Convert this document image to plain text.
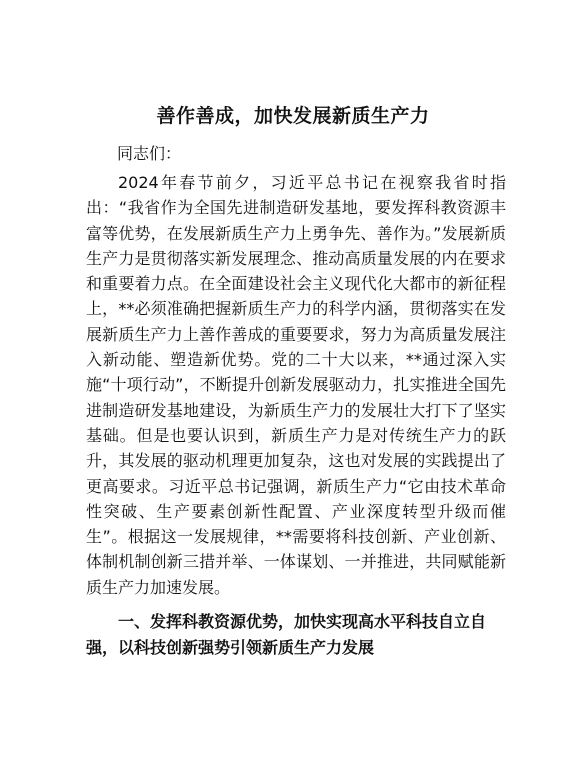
善作善成，加快发展新质生产力
同志们：

2024年春节前夕，习近平总书记在视察我省时指出：“我省作为全国先进制造研发基地，要发挥科教资源丰富等优势，在发展新质生产力上勇争先、善作为。”发展新质生产力是贯彻落实新发展理念、推动高质量发展的内在要求和重要着力点。在全面建设社会主义现代化大都市的新征程上，**必须准确把握新质生产力的科学内涵，贯彻落实在发展新质生产力上善作善成的重要要求，努力为高质量发展注入新动能、塑造新优势。党的二十大以来，**通过深入实施“十项行动”，不断提升创新发展驱动力，扎实推进全国先进制造研发基地建设，为新质生产力的发展壮大打下了坚实基础。但是也要认识到，新质生产力是对传统生产力的跃升，其发展的驱动机理更加复杂，这也对发展的实践提出了更高要求。习近平总书记强调，新质生产力“它由技术革命性突破、生产要素创新性配置、产业深度转型升级而催生”。根据这一发展规律，**需要将科技创新、产业创新、体制机制创新三措并举、一体谋划、一并推进，共同赋能新质生产力加速发展。

一、发挥科教资源优势，加快实现高水平科技自立自强，以科技创新强势引领新质生产力发展
